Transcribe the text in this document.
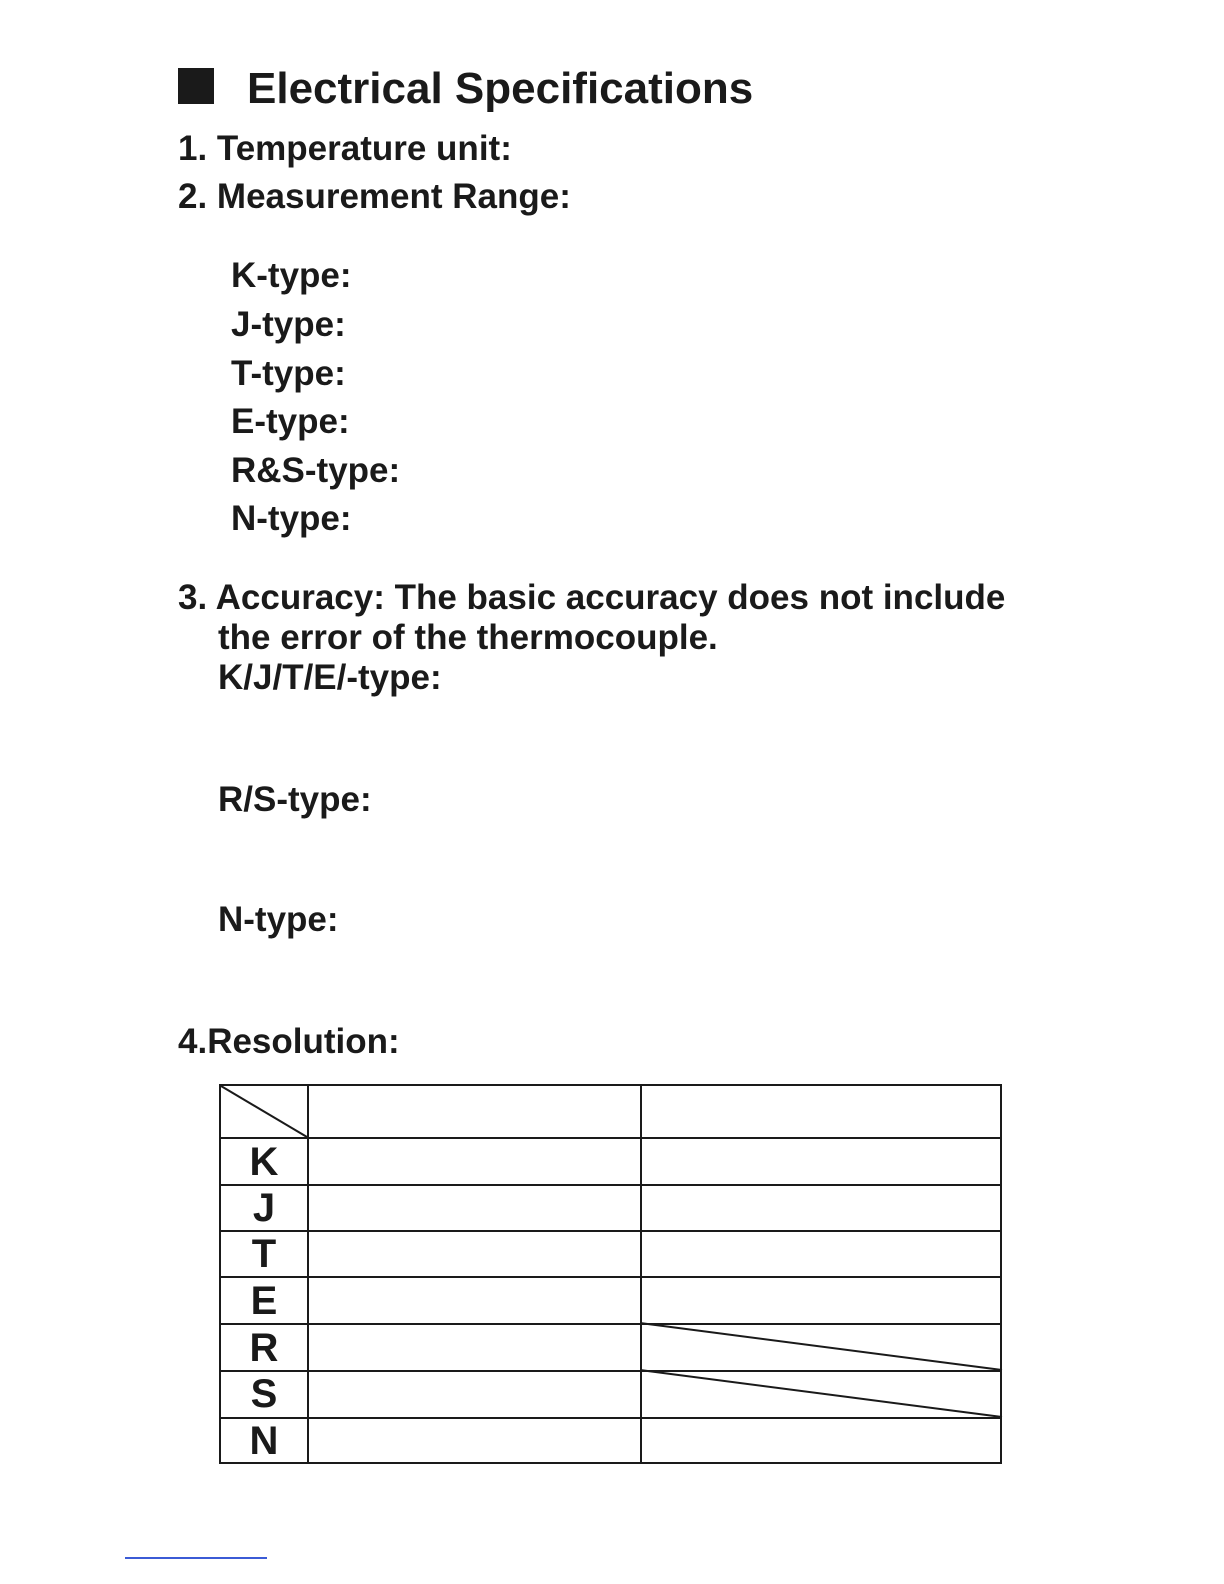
Electrical Specifications
1. Temperature unit:
2. Measurement Range:
K-type:
J-type:
T-type:
E-type:
R&S-type:
N-type:
3. Accuracy: The basic accuracy does not include
the error of the thermocouple.
K/J/T/E/-type:
R/S-type:
N-type:
4.Resolution:
K
J
T
E
R
S
N
